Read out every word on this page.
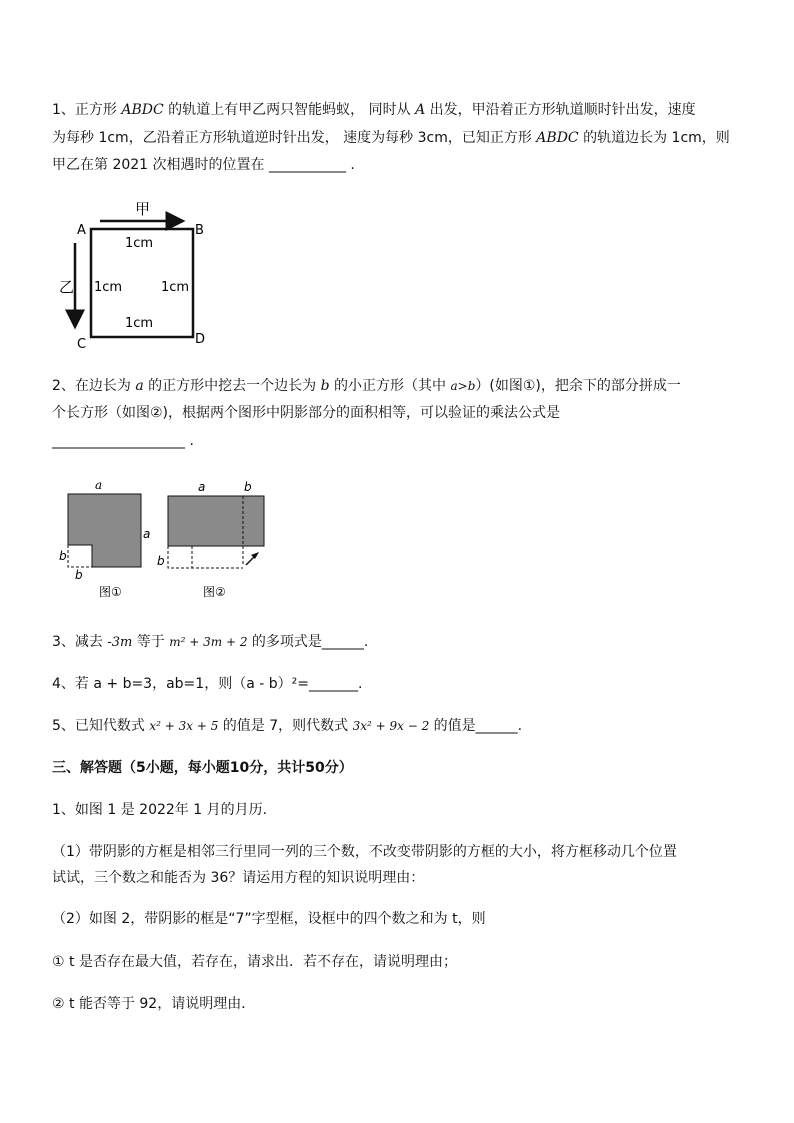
1、正方形 ABDC 的轨道上有甲乙两只智能蚂蚁， 同时从 A 出发，甲沿着正方形轨道顺时针出发，速度
为每秒 1cm，乙沿着正方形轨道逆时针出发， 速度为每秒 3cm，已知正方形 ABDC 的轨道边长为 1cm，则
甲乙在第 2021 次相遇时的位置在 ___________ .
甲
乙
A	B
C	D
1cm
1cm	1cm
1cm
2、在边长为 a 的正方形中挖去一个边长为 b 的小正方形（其中 a>b）(如图①)，把余下的部分拼成一
个长方形（如图②)，根据两个图形中阴影部分的面积相等，可以验证的乘法公式是
___________________ .
a
a
b
b
图①
a	b
b
图②
3、减去 -3m 等于 m² + 3m + 2 的多项式是______.
4、若 a + b=3，ab=1，则（a - b）²=_______.
5、已知代数式 x² + 3x + 5 的值是 7，则代数式 3x² + 9x − 2 的值是______.
三、解答题（5小题，每小题10分，共计50分）
1、如图 1 是 2022年 1 月的月历.
（1）带阴影的方框是相邻三行里同一列的三个数，不改变带阴影的方框的大小，将方框移动几个位置
试试，三个数之和能否为 36？请运用方程的知识说明理由：
（2）如图 2，带阴影的框是“7”字型框，设框中的四个数之和为 t，则
① t 是否存在最大值，若存在，请求出．若不存在，请说明理由；
② t 能否等于 92，请说明理由．
